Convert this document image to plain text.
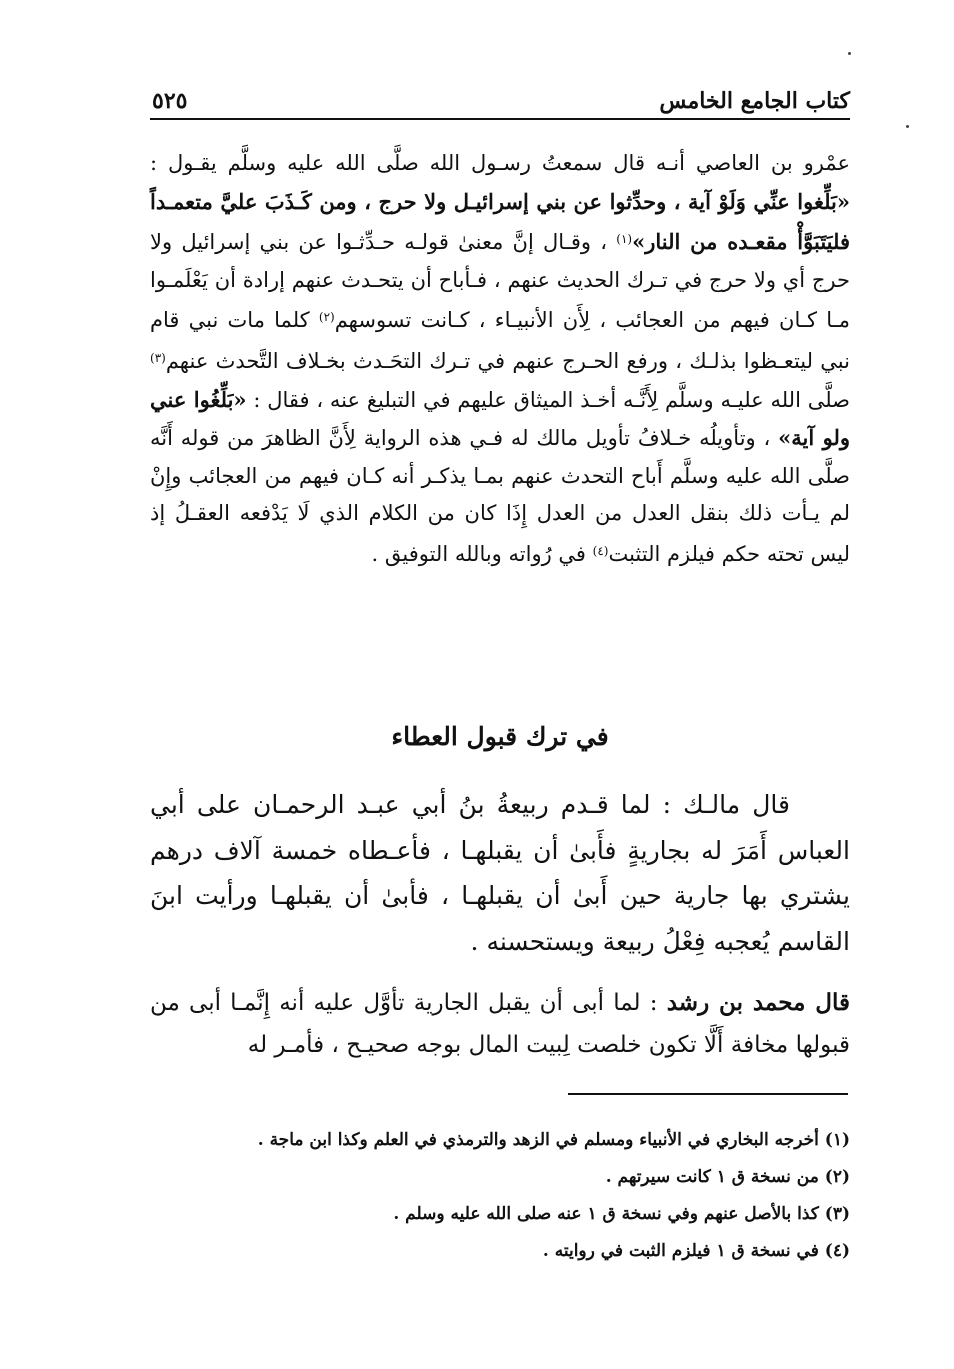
كتاب الجامع الخامس
٥٢٥

عمْرو بن العاصي أنـه قال سمعتُ رسـول الله صلَّى الله عليه وسلَّم يقـول : «بَلِّغوا عنِّي وَلَوْ آية ، وحدِّثوا عن بني إسرائيـل ولا حرج ، ومن كَـذَبَ عليَّ متعمـداً فليَتَبَوَّأْ مقعـده من النار»$^{(١)}$ ، وقـال إنَّ معنىٰ قولـه حـدِّثـوا عن بني إسرائيل ولا حرج أي ولا حرج في تـرك الحديث عنهم ، فـأباح أن يتحـدث عنهم إرادة أن يَعْلَمـوا مـا كـان فيهم من العجائب ، لِأَن الأنبيـاء ، كـانت تسوسهم$^{(٢)}$ كلما مات نبي قام نبي ليتعـظوا بذلـك ، ورفع الحـرج عنهم في تـرك التحَـدث بخـلاف التَّحدث عنهم$^{(٣)}$ صلَّى الله عليـه وسلَّم لِأَنَّـه أخـذ الميثاق عليهم في التبليغ عنه ، فقال : «بَلِّغُوا عني ولو آية» ، وتأويلُه خـلافُ تأويل مالك له فـي هذه الرواية لِأَنَّ الظاهرَ من قوله أَنَّه صلَّى الله عليه وسلَّم أَباح التحدث عنهم بمـا يذكـر أنه كـان فيهم من العجائب وإِنْ لم يـأت ذلك بنقل العدل من العدل إِذَا كان من الكلام الذي لَا يَدْفعه العقـلُ إذ ليس تحته حكم فيلزم التثبت$^{(٤)}$ في رُواته وبالله التوفيق .

في ترك قبول العطاء

قال مالـك : لما قـدم ربيعةُ بنُ أبي عبـد الرحمـان على أبي العباس أَمَرَ له بجاريةٍ فأَبىٰ أن يقبلهـا ، فأعـطاه خمسة آلاف درهم يشتري بها جارية حين أَبىٰ أن يقبلهـا ، فأبىٰ أن يقبلهـا ورأيت ابنَ القاسم يُعجبه فِعْلُ ربيعة ويستحسنه .

قال محمد بن رشد : لما أبى أن يقبل الجارية تأوَّل عليه أنه إِنَّمـا أبى من قبولها مخافة أَلَّا تكون خلصت لِبيت المال بوجه صحيـح ، فأمـر له

(١) أخرجه البخاري في الأنبياء ومسلم في الزهد والترمذي في العلم وكذا ابن ماجة .
(٢) من نسخة ق ١ كانت سيرتهم .
(٣) كذا بالأصل عنهم وفي نسخة ق ١ عنه صلى الله عليه وسلم .
(٤) في نسخة ق ١ فيلزم الثبت في روايته .
